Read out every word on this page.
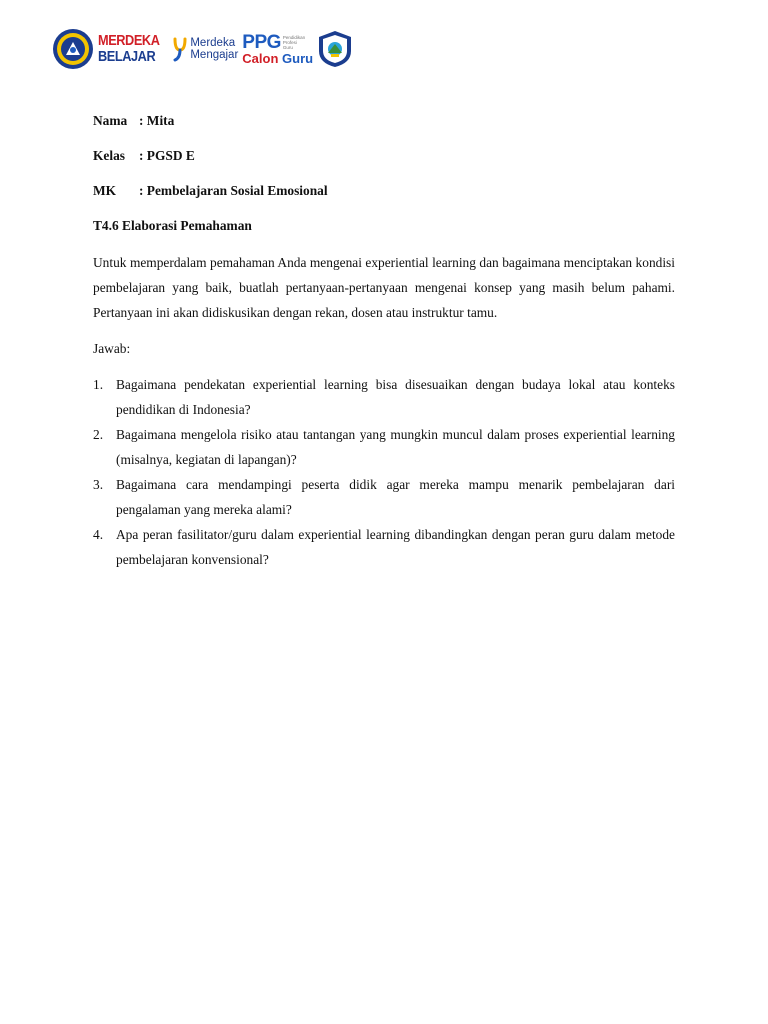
MERDEKA
BELAJAR
Merdeka
Mengajar
PPG Pendidikan Profesi Guru
Calon Guru
Nama : Mita
Kelas : PGSD E
MK : Pembelajaran Sosial Emosional
T4.6 Elaborasi Pemahaman

Untuk memperdalam pemahaman Anda mengenai experiential learning dan bagaimana menciptakan kondisi pembelajaran yang baik, buatlah pertanyaan-pertanyaan mengenai konsep yang masih belum pahami. Pertanyaan ini akan didiskusikan dengan rekan, dosen atau instruktur tamu.

Jawab:
1. Bagaimana pendekatan experiential learning bisa disesuaikan dengan budaya lokal atau konteks pendidikan di Indonesia?
2. Bagaimana mengelola risiko atau tantangan yang mungkin muncul dalam proses experiential learning (misalnya, kegiatan di lapangan)?
3. Bagaimana cara mendampingi peserta didik agar mereka mampu menarik pembelajaran dari pengalaman yang mereka alami?
4. Apa peran fasilitator/guru dalam experiential learning dibandingkan dengan peran guru dalam metode pembelajaran konvensional?
